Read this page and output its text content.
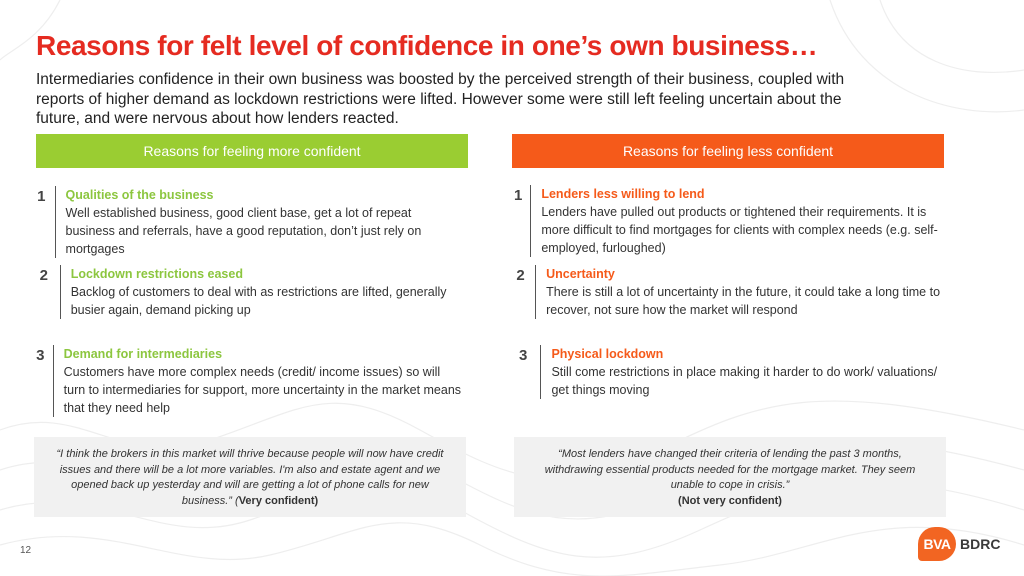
Reasons for felt level of confidence in one’s own business…

Intermediaries confidence in their own business was boosted by the perceived strength of their business, coupled with reports of higher demand as lockdown restrictions were lifted. However some were still left feeling uncertain about the future, and were nervous about how lenders reacted.

Reasons for feeling more confident	Reasons for feeling less confident
1 Qualities of the business
Well established business, good client base, get a lot of repeat business and referrals, have a good reputation, don’t just rely on mortgages
2	Lockdown restrictions eased
Backlog of customers to deal with as restrictions are lifted, generally busier again, demand picking up
3 Demand for intermediaries
Customers have more complex needs (credit/ income issues) so will turn to intermediaries for support, more uncertainty in the market means that they need help
1 Lenders less willing to lend
Lenders have pulled out products or tightened their requirements. It is more difficult to find mortgages for clients with complex needs (e.g. self-employed, furloughed)
2	Uncertainty
There is still a lot of uncertainty in the future, it could take a long time to recover, not sure how the market will respond
3	Physical lockdown
Still come restrictions in place making it harder to do work/ valuations/ get things moving
“I think the brokers in this market will thrive because people will now have credit issues and there will be a lot more variables. I'm also and estate agent and we opened back up yesterday and will are getting a lot of phone calls for new business.” (Very confident)
“Most lenders have changed their criteria of lending the past 3 months, withdrawing essential products needed for the mortgage market. They seem unable to cope in crisis.”
(Not very confident)
12	BVA BDRC
